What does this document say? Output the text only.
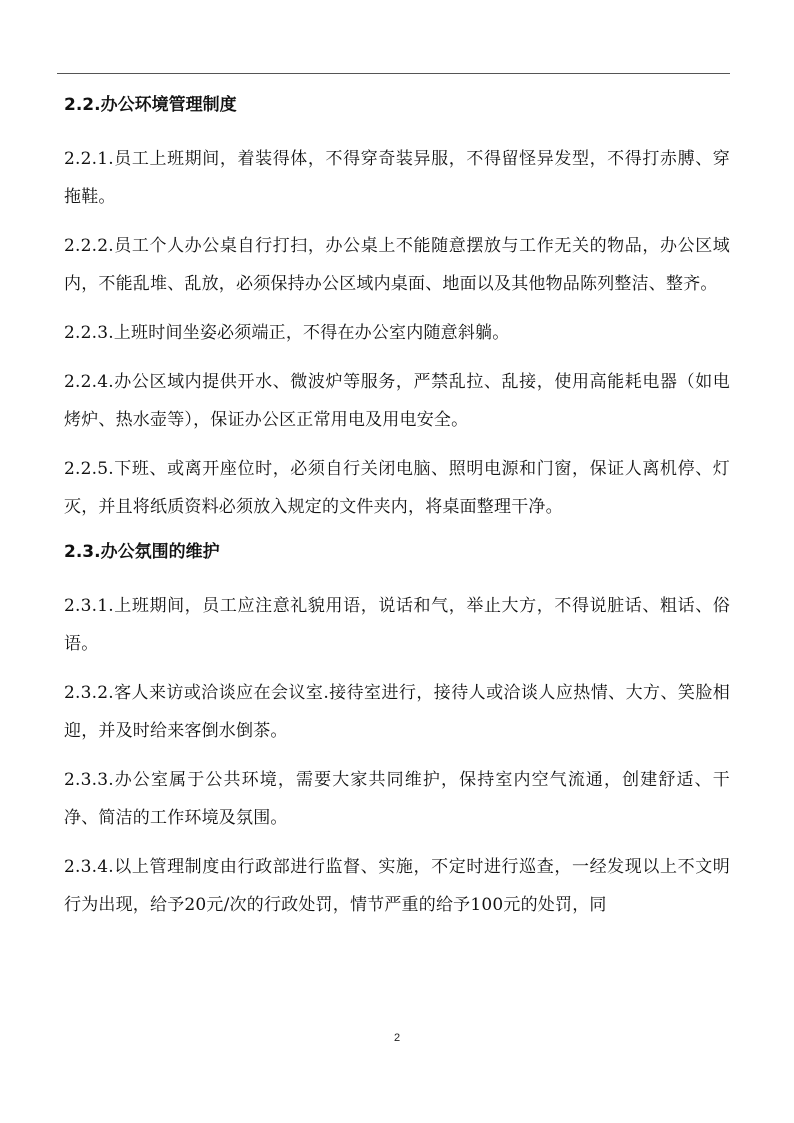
2.2.办公环境管理制度

2.2.1.员工上班期间，着装得体，不得穿奇装异服，不得留怪异发型，不得打赤膊、穿拖鞋。

2.2.2.员工个人办公桌自行打扫，办公桌上不能随意摆放与工作无关的物品，办公区域内，不能乱堆、乱放，必须保持办公区域内桌面、地面以及其他物品陈列整洁、整齐。

2.2.3.上班时间坐姿必须端正，不得在办公室内随意斜躺。

2.2.4.办公区域内提供开水、微波炉等服务，严禁乱拉、乱接，使用高能耗电器（如电烤炉、热水壶等），保证办公区正常用电及用电安全。

2.2.5.下班、或离开座位时，必须自行关闭电脑、照明电源和门窗，保证人离机停、灯灭，并且将纸质资料必须放入规定的文件夹内，将桌面整理干净。

2.3.办公氛围的维护

2.3.1.上班期间，员工应注意礼貌用语，说话和气，举止大方，不得说脏话、粗话、俗语。

2.3.2.客人来访或洽谈应在会议室.接待室进行，接待人或洽谈人应热情、大方、笑脸相迎，并及时给来客倒水倒茶。

2.3.3.办公室属于公共环境，需要大家共同维护，保持室内空气流通，创建舒适、干净、简洁的工作环境及氛围。

2.3.4.以上管理制度由行政部进行监督、实施，不定时进行巡查，一经发现以上不文明行为出现，给予20元/次的行政处罚，情节严重的给予100元的处罚，同

2
